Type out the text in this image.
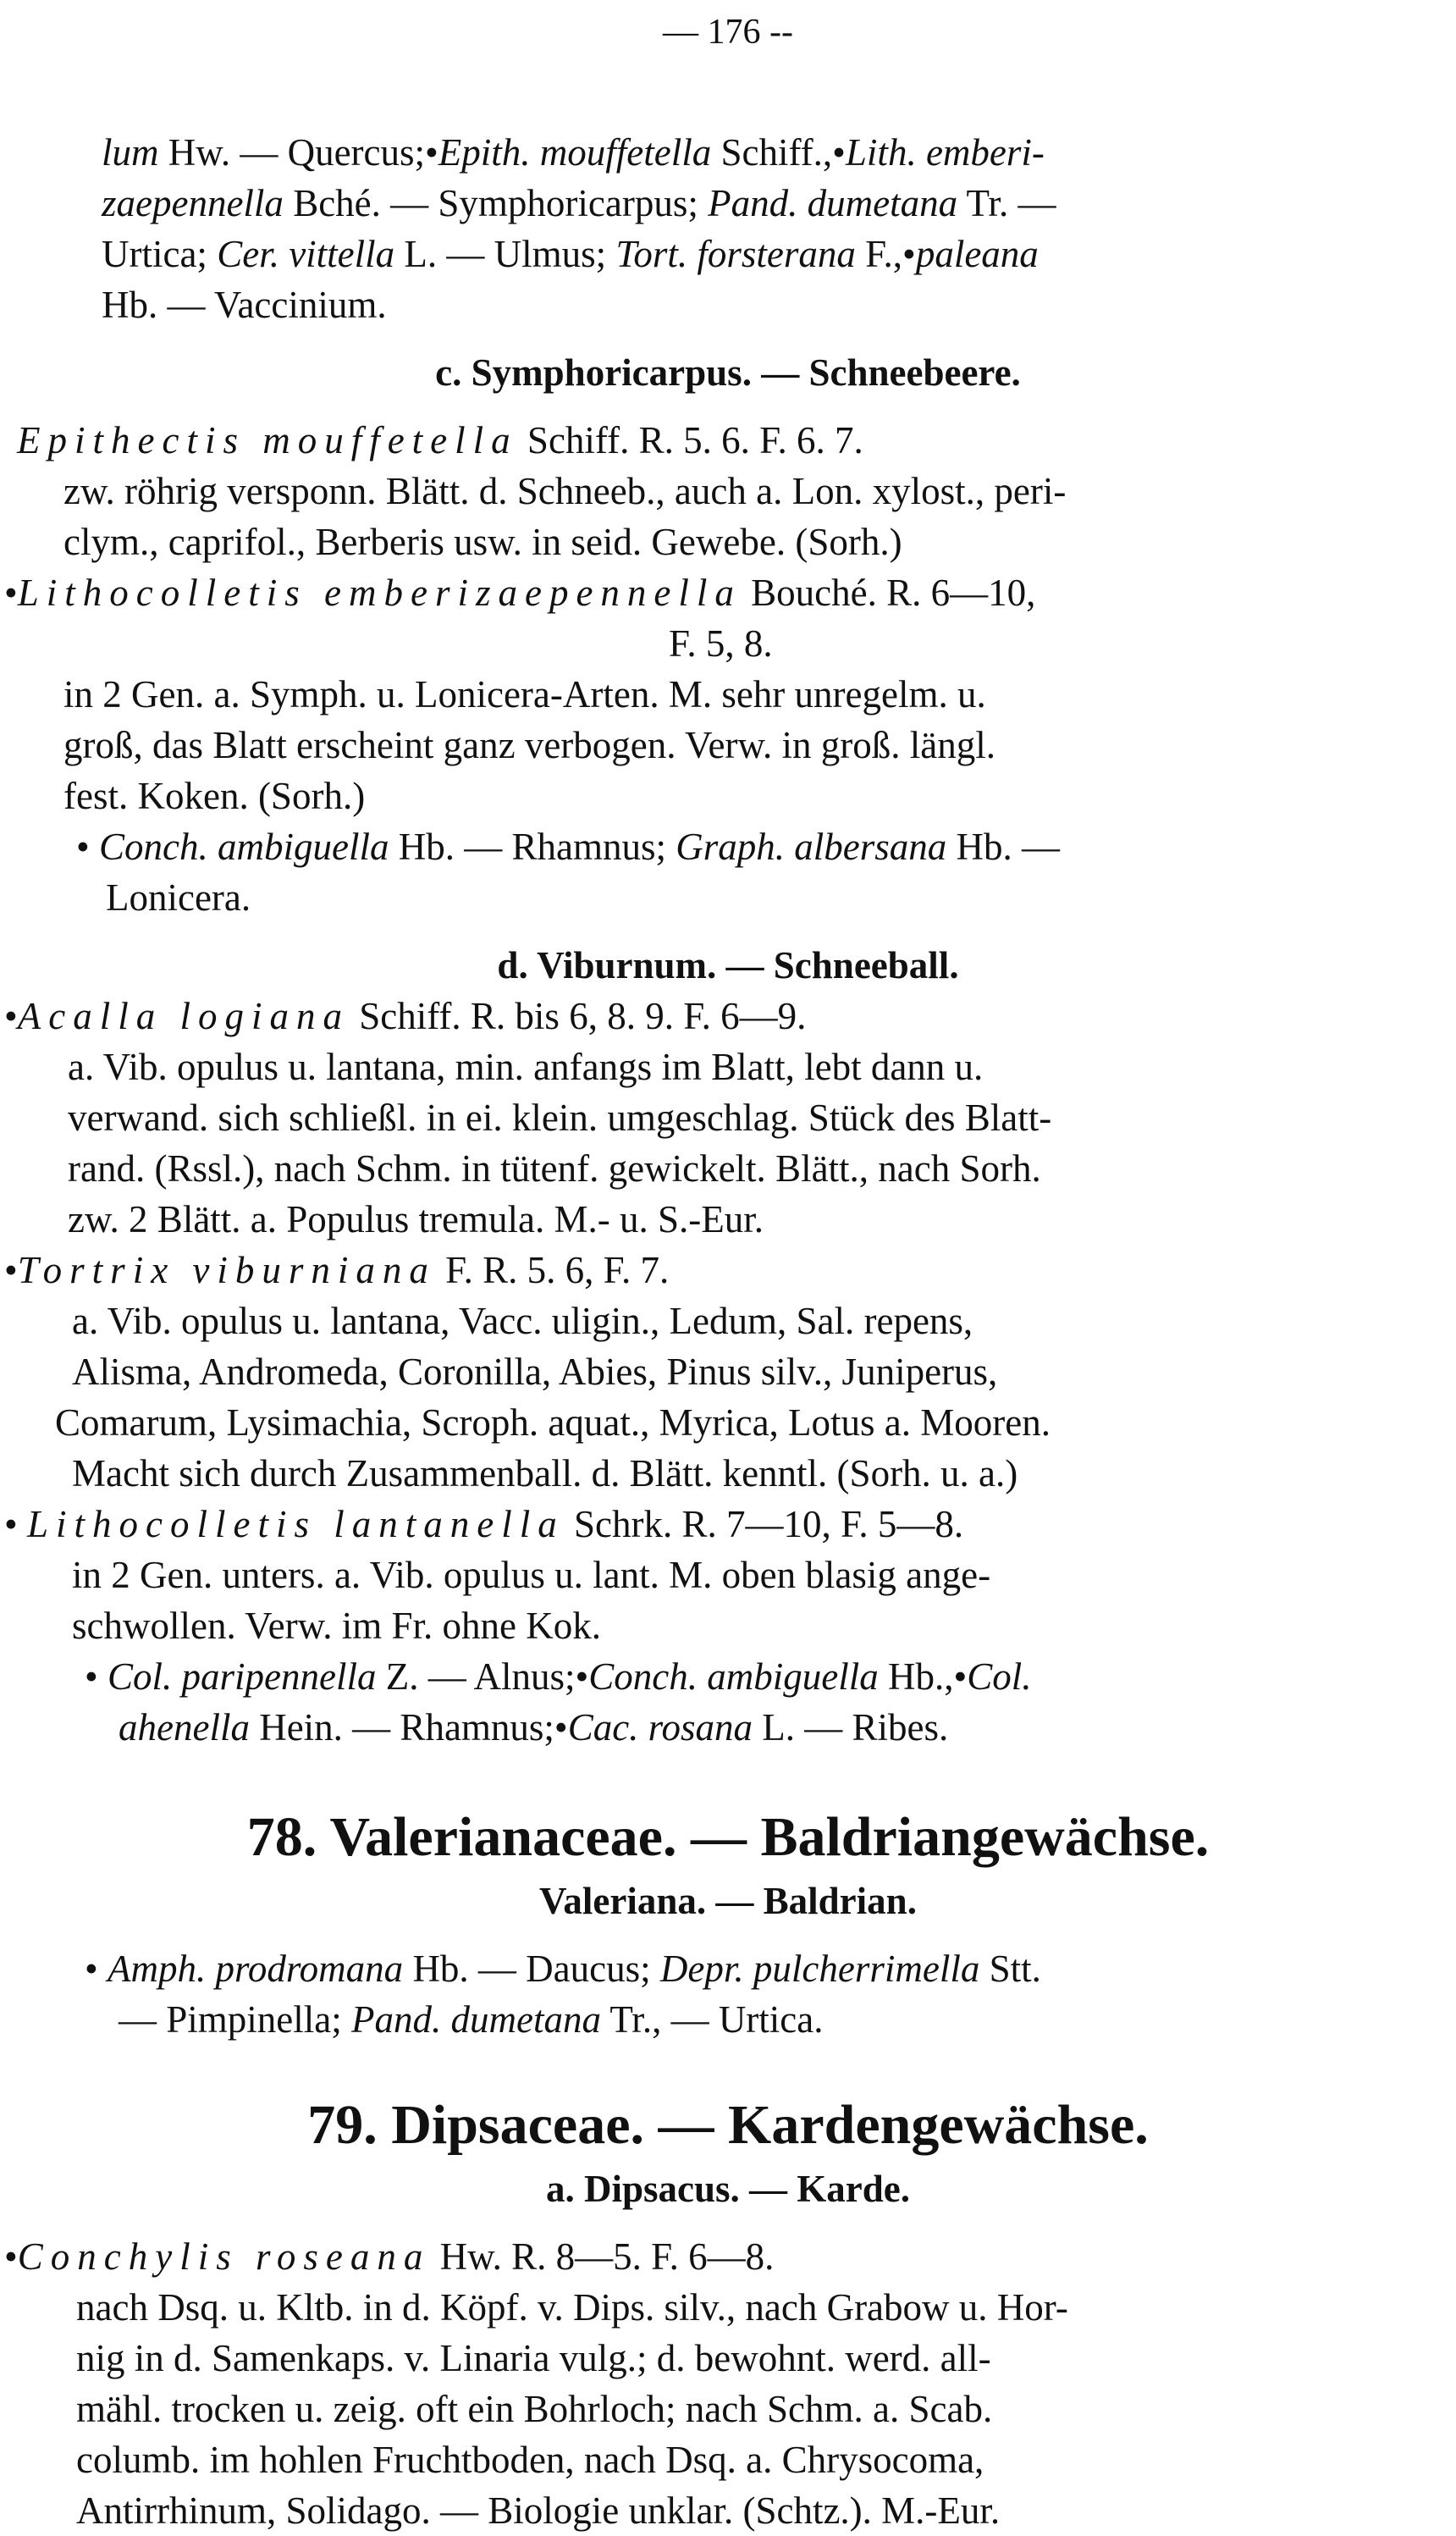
— 176 --
lum Hw. — Quercus;•Epith. mouffetella Schiff.,•Lith. emberi-
zaepennella Bché. — Symphoricarpus; Pand. dumetana Tr. —
Urtica; Cer. vittella L. — Ulmus; Tort. forsterana F.,•paleana
Hb. — Vaccinium.
Epithectis mouffetella Schiff. R. 5. 6. F. 6. 7.
zw. röhrig versponn. Blätt. d. Schneeb., auch a. Lon. xylost., peri-
clym., caprifol., Berberis usw. in seid. Gewebe. (Sorh.)
•Lithocolletis emberizaepennella Bouché. R. 6—10,
F. 5, 8.
in 2 Gen. a. Symph. u. Lonicera-Arten. M. sehr unregelm. u.
groß, das Blatt erscheint ganz verbogen. Verw. in groß. längl.
fest. Koken. (Sorh.)
• Conch. ambiguella Hb. — Rhamnus; Graph. albersana Hb. —
Lonicera.
•Acalla logiana Schiff. R. bis 6, 8. 9. F. 6—9.
a. Vib. opulus u. lantana, min. anfangs im Blatt, lebt dann u.
verwand. sich schließl. in ei. klein. umgeschlag. Stück des Blatt-
rand. (Rssl.), nach Schm. in tütenf. gewickelt. Blätt., nach Sorh.
zw. 2 Blätt. a. Populus tremula. M.- u. S.-Eur.
•Tortrix viburniana F. R. 5. 6, F. 7.
a. Vib. opulus u. lantana, Vacc. uligin., Ledum, Sal. repens,
Alisma, Andromeda, Coronilla, Abies, Pinus silv., Juniperus,
Comarum, Lysimachia, Scroph. aquat., Myrica, Lotus a. Mooren.
Macht sich durch Zusammenball. d. Blätt. kenntl. (Sorh. u. a.)
• Lithocolletis lantanella Schrk. R. 7—10, F. 5—8.
in 2 Gen. unters. a. Vib. opulus u. lant. M. oben blasig ange-
schwollen. Verw. im Fr. ohne Kok.
• Col. paripennella Z. — Alnus;•Conch. ambiguella Hb.,•Col.
ahenella Hein. — Rhamnus;•Cac. rosana L. — Ribes.
• Amph. prodromana Hb. — Daucus; Depr. pulcherrimella Stt.
— Pimpinella; Pand. dumetana Tr., — Urtica.
•Conchylis roseana Hw. R. 8—5. F. 6—8.
nach Dsq. u. Kltb. in d. Köpf. v. Dips. silv., nach Grabow u. Hor-
nig in d. Samenkaps. v. Linaria vulg.; d. bewohnt. werd. all-
mähl. trocken u. zeig. oft ein Bohrloch; nach Schm. a. Scab.
columb. im hohlen Fruchtboden, nach Dsq. a. Chrysocoma,
Antirrhinum, Solidago. — Biologie unklar. (Schtz.). M.-Eur.
c. Symphoricarpus. — Schneebeere.
d. Viburnum. — Schneeball.
78. Valerianaceae. — Baldriangewächse.
Valeriana. — Baldrian.
79. Dipsaceae. — Kardengewächse.
a. Dipsacus. — Karde.
